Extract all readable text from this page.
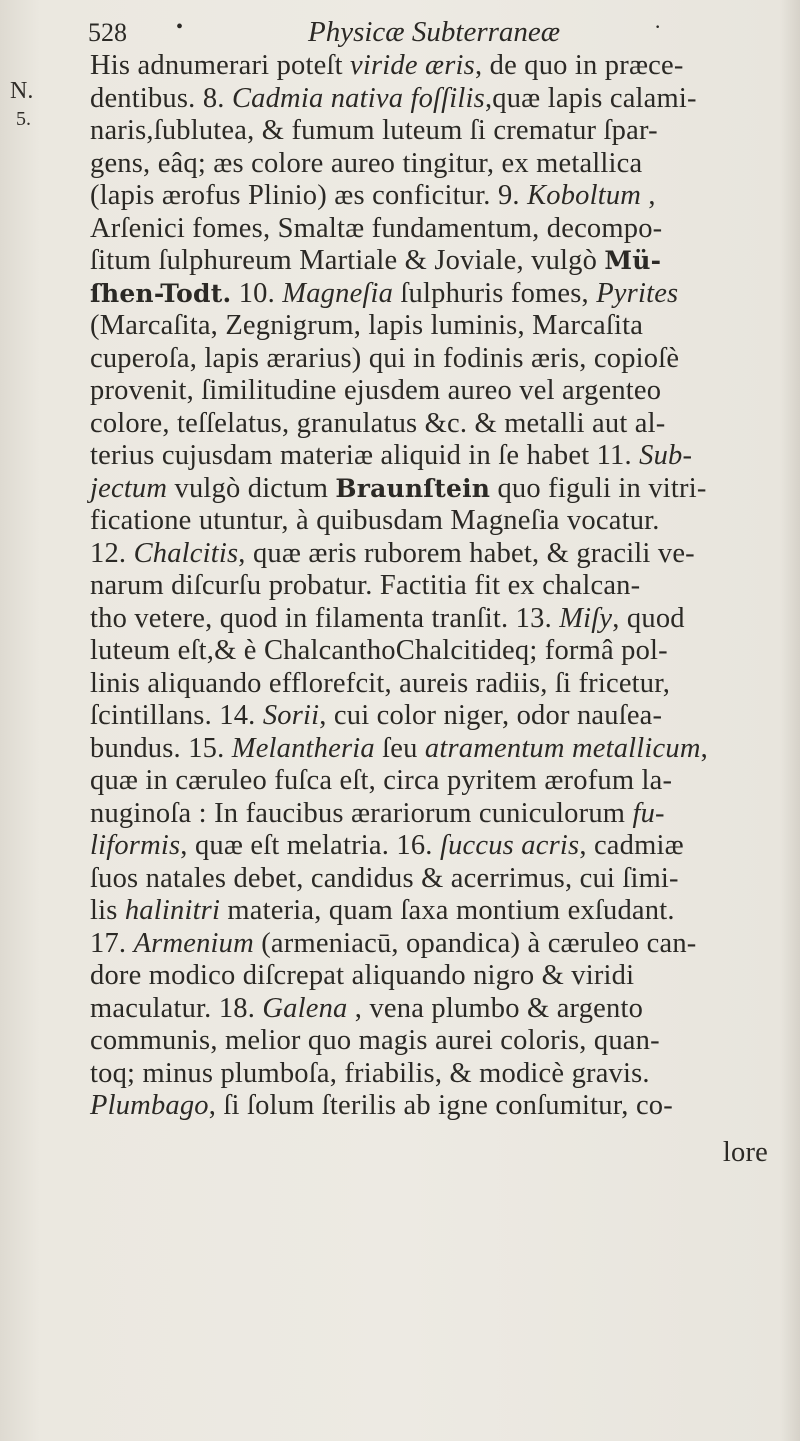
528 •	Physicæ Subterraneæ	·
N.
5.
His adnumerari poteſt viride æris, de quo in præce-
dentibus. 8. Cadmia nativa foſſilis,quæ lapis calami-
naris,ſublutea, & fumum luteum ſi crematur ſpar-
gens, eâq; æs colore aureo tingitur, ex metallica
(lapis ærofus Plinio) æs conficitur. 9. Koboltum ,
Arſenici fomes, Smaltæ fundamentum, decompo-
ſitum ſulphureum Martiale & Joviale, vulgò Mü-
ſhen-Todt. 10. Magneſia ſulphuris fomes, Pyrites
(Marcaſita, Zegnigrum, lapis luminis, Marcaſita
cuperoſa, lapis ærarius) qui in fodinis æris, copioſè
provenit, ſimilitudine ejusdem aureo vel argenteo
colore, teſſelatus, granulatus &c. & metalli aut al-
terius cujusdam materiæ aliquid in ſe habet 11. Sub-
jectum vulgò dictum Braunſtein quo figuli in vitri-
ficatione utuntur, à quibusdam Magneſia vocatur.
12. Chalcitis, quæ æris ruborem habet, & gracili ve-
narum diſcurſu probatur. Factitia fit ex chalcan-
tho vetere, quod in filamenta tranſit. 13. Miſy, quod
luteum eſt,& è ChalcanthoChalcitideq; formâ pol-
linis aliquando efflorefcit, aureis radiis, ſi fricetur,
ſcintillans. 14. Sorii, cui color niger, odor nauſea-
bundus. 15. Melantheria ſeu atramentum metallicum,
quæ in cæruleo fuſca eſt, circa pyritem ærofum la-
nuginoſa : In faucibus ærariorum cuniculorum fu-
liformis, quæ eſt melatria. 16. ſuccus acris, cadmiæ
ſuos natales debet, candidus & acerrimus, cui ſimi-
lis halinitri materia, quam ſaxa montium exſudant.
17. Armenium (armeniacū, opandica) à cæruleo can-
dore modico diſcrepat aliquando nigro & viridi
maculatur. 18. Galena , vena plumbo & argento
communis, melior quo magis aurei coloris, quan-
toq; minus plumboſa, friabilis, & modicè gravis.
Plumbago, ſi ſolum ſterilis ab igne conſumitur, co-
lore
